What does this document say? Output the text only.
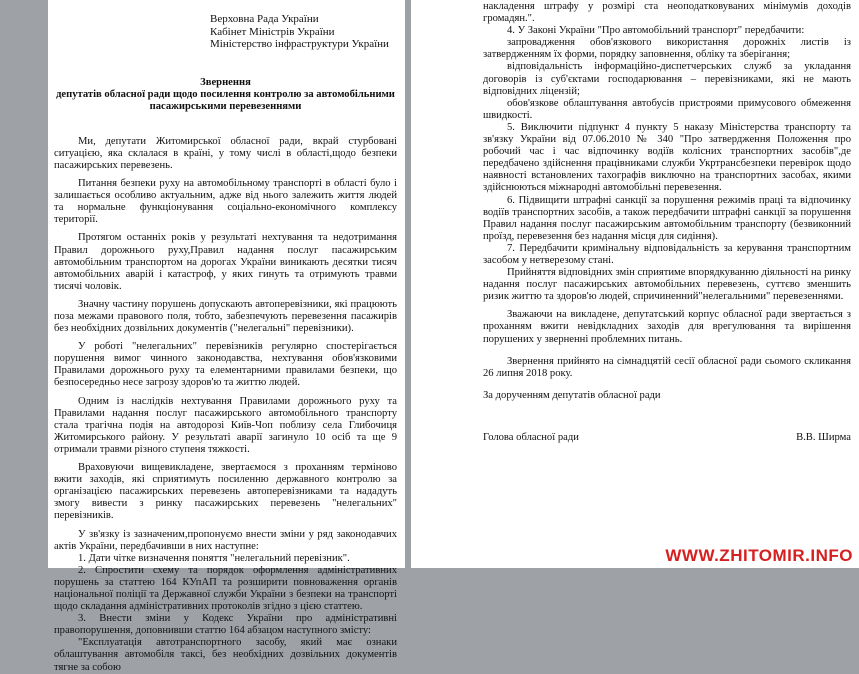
Верховна Рада України

Кабінет Міністрів України

Міністерство інфраструктури України

Звернення

депутатів обласної ради щодо посилення контролю за автомобільними

пасажирськими перевезеннями

Ми, депутати Житомирської обласної ради, вкрай стурбовані ситуацією, яка склалася в країні, у тому числі в області,щодо безпеки пасажирських перевезень.

Питання безпеки руху на автомобільному транспорті в області було і залишається особливо актуальним, адже від нього залежить життя людей та нормальне функціонування соціально-економічного комплексу території.

Протягом останніх років у результаті нехтування та недотримання Правил дорожнього руху,Правил надання послуг пасажирським автомобільним транспортом на дорогах України виникають десятки тисяч автомобільних аварій і катастроф, у яких гинуть та отримують травми тисячі чоловік.

Значну частину порушень допускають автоперевізники, які працюють поза межами правового поля, тобто, забезпечують перевезення пасажирів без необхідних дозвільних документів ("нелегальні" перевізники).

У роботі "нелегальних" перевізників регулярно спостерігається порушення вимог чинного законодавства, нехтування обов'язковими Правилами дорожнього руху та елементарними правилами безпеки, що безпосередньо несе загрозу здоров'ю та життю людей.

Одним із наслідків нехтування Правилами дорожнього руху та Правилами надання послуг пасажирського автомобільного транспорту стала трагічна подія на автодорозі Київ-Чоп поблизу села Глибочиця Житомирського району. У результаті аварії загинуло 10 осіб та ще 9 отримали травми різного ступеня тяжкості.

Враховуючи вищевикладене, звертаємося з проханням терміново вжити заходів, які сприятимуть посиленню державного контролю за організацією пасажирських перевезень автоперевізниками та нададуть змогу вивести з ринку пасажирських перевезень "нелегальних" перевізників.

У зв'язку із зазначеним,пропонуємо внести зміни у ряд законодавчих актів України, передбачивши в них наступне:

1. Дати чітке визначення поняття "нелегальний перевізник".

2. Спростити схему та порядок оформлення адміністративних порушень за статтею 164 КУпАП та розширити повноваження органів національної поліції та Державної служби України з безпеки на транспорті щодо складання адміністративних протоколів згідно з цією статтею.

3. Внести зміни у Кодекс України про адміністративні правопорушення, доповнивши статтю 164 абзацом наступного змісту:

"Експлуатація автотранспортного засобу, який має ознаки облаштування автомобіля таксі, без необхідних дозвільних документів тягне за собою

накладення штрафу у розмірі ста неоподатковуваних мінімумів доходів громадян.".

4. У Законі України "Про автомобільний транспорт" передбачити:

запровадження обов'язкового використання дорожніх листів із затвердженням їх форми, порядку заповнення, обліку та зберігання;

відповідальність інформаційно-диспетчерських служб за укладання договорів із суб'єктами господарювання – перевізниками, які не мають відповідних ліцензій;

обов'язкове облаштування автобусів пристроями примусового обмеження швидкості.

5. Виключити підпункт 4 пункту 5 наказу Міністерства транспорту та зв'язку України від 07.06.2010 № 340 "Про затвердження Положення про робочий час і час відпочинку водіїв колісних транспортних засобів",де передбачено здійснення працівниками служби Укртрансбезпеки перевірок щодо наявності встановлених тахографів виключно на транспортних засобах, якими здійснюються міжнародні автомобільні перевезення.

6. Підвищити штрафні санкції за порушення режимів праці та відпочинку водіїв транспортних засобів, а також передбачити штрафні санкції за порушення Правил надання послуг пасажирським автомобільним транспорту (безвиконний проїзд, перевезення без надання місця для сидіння).

7. Передбачити кримінальну відповідальність за керування транспортним засобом у нетверезому стані.

Прийняття відповідних змін сприятиме впорядкуванню діяльності на ринку надання послуг пасажирських автомобільних перевезень, суттєво зменшить ризик життю та здоров'ю людей, спричиненний"нелегальними" перевезеннями.

Зважаючи на викладене, депутатський корпус обласної ради звертається з проханням вжити невідкладних заходів для врегулювання та вирішення порушених у зверненні проблемних питань.

Звернення прийнято на сімнадцятій сесії обласної ради сьомого скликання 26 липня 2018 року.

За дорученням депутатів обласної ради

Голова обласної ради	В.В. Ширма
WWW.ZHITOMIR.INFO
